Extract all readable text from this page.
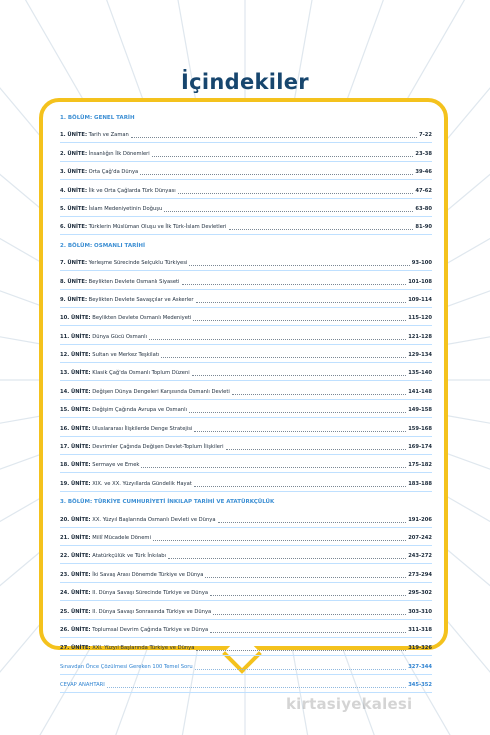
İçindekiler
1. BÖLÜM: GENEL TARİH
1. ÜNİTE: Tarih ve Zaman	7-22
2. ÜNİTE: İnsanlığın İlk Dönemleri	23-38
3. ÜNİTE: Orta Çağ'da Dünya	39-46
4. ÜNİTE: İlk ve Orta Çağlarda Türk Dünyası	47-62
5. ÜNİTE: İslam Medeniyetinin Doğuşu	63-80
6. ÜNİTE: Türklerin Müslüman Oluşu ve İlk Türk-İslam Devletleri	81-90
2. BÖLÜM: OSMANLI TARİHİ
7. ÜNİTE: Yerleşme Sürecinde Selçuklu Türkiyesi	93-100
8. ÜNİTE: Beylikten Devlete Osmanlı Siyaseti	101-108
9. ÜNİTE: Beylikten Devlete Savaşçılar ve Askerler	109-114
10. ÜNİTE: Beylikten Devlete Osmanlı Medeniyeti	115-120
11. ÜNİTE: Dünya Gücü Osmanlı	121-128
12. ÜNİTE: Sultan ve Merkez Teşkilatı	129-134
13. ÜNİTE: Klasik Çağ'da Osmanlı Toplum Düzeni	135-140
14. ÜNİTE: Değişen Dünya Dengeleri Karşısında Osmanlı Devleti	141-148
15. ÜNİTE: Değişim Çağında Avrupa ve Osmanlı	149-158
16. ÜNİTE: Uluslararası İlişkilerde Denge Stratejisi	159-168
17. ÜNİTE: Devrimler Çağında Değişen Devlet-Toplum İlişkileri	169-174
18. ÜNİTE: Sermaye ve Emek	175-182
19. ÜNİTE: XIX. ve XX. Yüzyıllarda Gündelik Hayat	183-188
3. BÖLÜM: TÜRKİYE CUMHURİYETİ İNKILAP TARİHİ VE ATATÜRKÇÜLÜK
20. ÜNİTE: XX. Yüzyıl Başlarında Osmanlı Devleti ve Dünya	191-206
21. ÜNİTE: Millî Mücadele Dönemi	207-242
22. ÜNİTE: Atatürkçülük ve Türk İnkılabı	243-272
23. ÜNİTE: İki Savaş Arası Dönemde Türkiye ve Dünya	273-294
24. ÜNİTE: II. Dünya Savaşı Sürecinde Türkiye ve Dünya	295-302
25. ÜNİTE: II. Dünya Savaşı Sonrasında Türkiye ve Dünya	303-310
26. ÜNİTE: Toplumsal Devrim Çağında Türkiye ve Dünya	311-318
27. ÜNİTE: XXI. Yüzyıl Başlarında Türkiye ve Dünya	319-326
Sınavdan Önce Çözülmesi Gereken 100 Temel Soru	327-344
CEVAP ANAHTARI	345-352
kirtasiyekalesi
